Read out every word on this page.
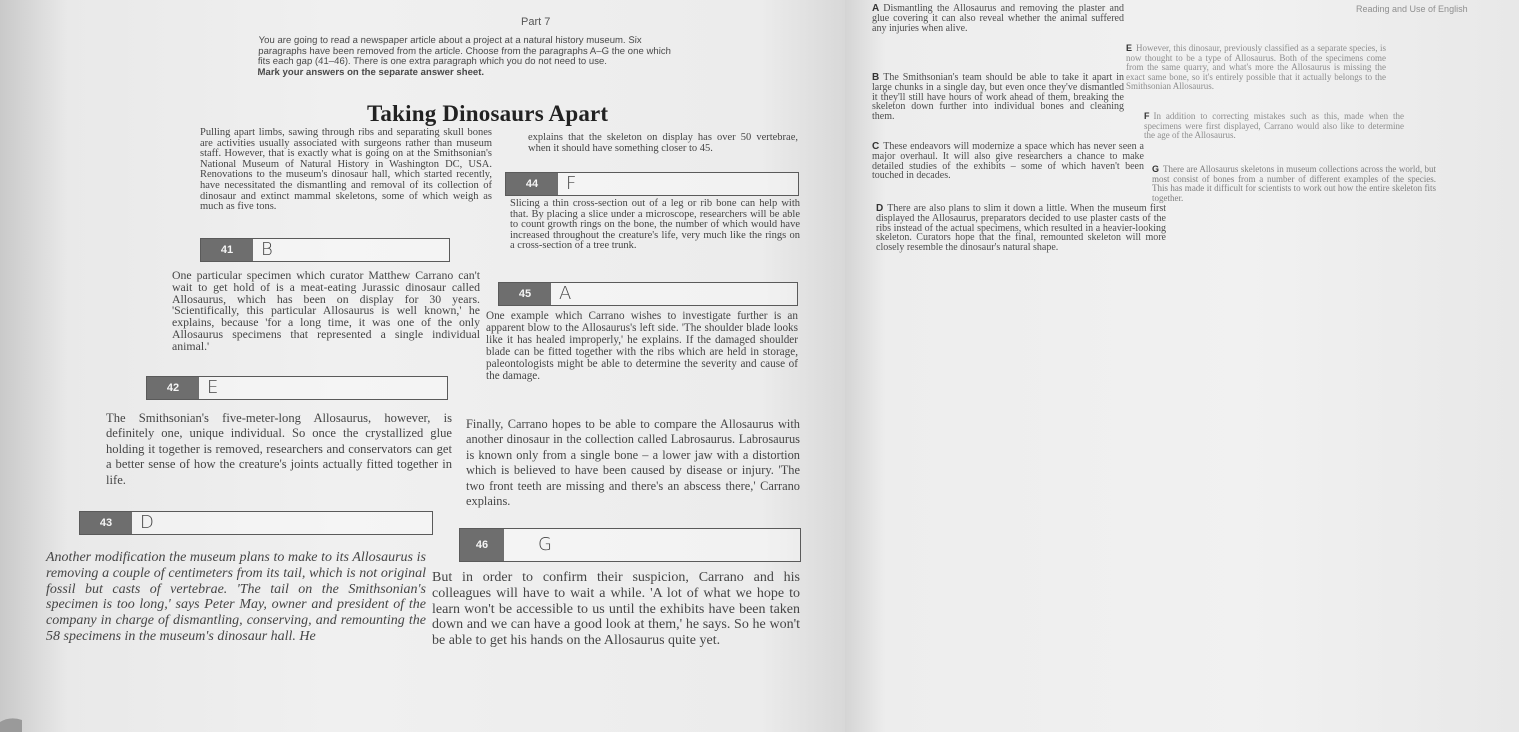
Part 7
You are going to read a newspaper article about a project at a natural history museum. Six
paragraphs have been removed from the article. Choose from the paragraphs A–G the one which
fits each gap (41–46). There is one extra paragraph which you do not need to use.
Mark your answers on the separate answer sheet.
Taking Dinosaurs Apart
Pulling apart limbs, sawing through ribs and separating skull bones are activities usually associated with surgeons rather than museum staff. However, that is exactly what is going on at the Smithsonian's National Museum of Natural History in Washington DC, USA. Renovations to the museum's dinosaur hall, which started recently, have necessitated the dismantling and removal of its collection of dinosaur and extinct mammal skeletons, some of which weigh as much as five tons.
41	B
One particular specimen which curator Matthew Carrano can't wait to get hold of is a meat-eating Jurassic dinosaur called Allosaurus, which has been on display for 30 years. 'Scientifically, this particular Allosaurus is well known,' he explains, because 'for a long time, it was one of the only Allosaurus specimens that represented a single individual animal.'
42	E
The Smithsonian's five-meter-long Allosaurus, however, is definitely one, unique individual. So once the crystallized glue holding it together is removed, researchers and conservators can get a better sense of how the creature's joints actually fitted together in life.
43	D
Another modification the museum plans to make to its Allosaurus is removing a couple of centimeters from its tail, which is not original fossil but casts of vertebrae. 'The tail on the Smithsonian's specimen is too long,' says Peter May, owner and president of the company in charge of dismantling, conserving, and remounting the 58 specimens in the museum's dinosaur hall. He
explains that the skeleton on display has over 50 vertebrae, when it should have something closer to 45.
44	F
Slicing a thin cross-section out of a leg or rib bone can help with that. By placing a slice under a microscope, researchers will be able to count growth rings on the bone, the number of which would have increased throughout the creature's life, very much like the rings on a cross-section of a tree trunk.
45	A
One example which Carrano wishes to investigate further is an apparent blow to the Allosaurus's left side. 'The shoulder blade looks like it has healed improperly,' he explains. If the damaged shoulder blade can be fitted together with the ribs which are held in storage, paleontologists might be able to determine the severity and cause of the damage.
Finally, Carrano hopes to be able to compare the Allosaurus with another dinosaur in the collection called Labrosaurus. Labrosaurus is known only from a single bone – a lower jaw with a distortion which is believed to have been caused by disease or injury. 'The two front teeth are missing and there's an abscess there,' Carrano explains.
46	G
But in order to confirm their suspicion, Carrano and his colleagues will have to wait a while. 'A lot of what we hope to learn won't be accessible to us until the exhibits have been taken down and we can have a good look at them,' he says. So he won't be able to get his hands on the Allosaurus quite yet.
Reading and Use of English
A Dismantling the Allosaurus and removing the plaster and glue covering it can also reveal whether the animal suffered any injuries when alive.
B The Smithsonian's team should be able to take it apart in large chunks in a single day, but even once they've dismantled it they'll still have hours of work ahead of them, breaking the skeleton down further into individual bones and cleaning them.
C These endeavors will modernize a space which has never seen a major overhaul. It will also give researchers a chance to make detailed studies of the exhibits – some of which haven't been touched in decades.
D There are also plans to slim it down a little. When the museum first displayed the Allosaurus, preparators decided to use plaster casts of the ribs instead of the actual specimens, which resulted in a heavier-looking skeleton. Curators hope that the final, remounted skeleton will more closely resemble the dinosaur's natural shape.
E However, this dinosaur, previously classified as a separate species, is now thought to be a type of Allosaurus. Both of the specimens come from the same quarry, and what's more the Allosaurus is missing the exact same bone, so it's entirely possible that it actually belongs to the Smithsonian Allosaurus.
F In addition to correcting mistakes such as this, made when the specimens were first displayed, Carrano would also like to determine the age of the Allosaurus.
G There are Allosaurus skeletons in museum collections across the world, but most consist of bones from a number of different examples of the species. This has made it difficult for scientists to work out how the entire skeleton fits together.
